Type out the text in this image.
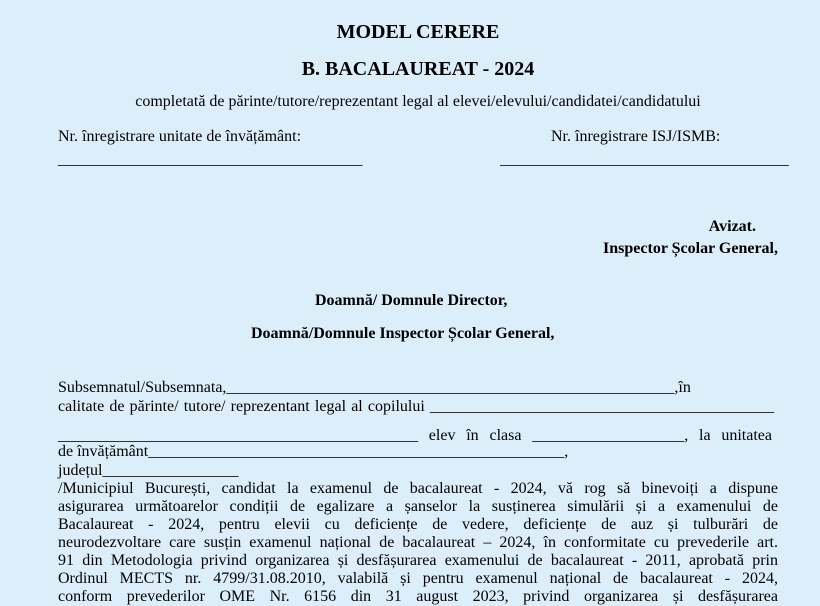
MODEL CERERE
B. BACALAUREAT - 2024
completată de părinte/tutore/reprezentant legal al elevei/elevului/candidatei/candidatului
Nr. înregistrare unitate de învățământ:	Nr. înregistrare ISJ/ISMB:
_______________________________________	_____________________________________
Avizat.
Inspector Școlar General,
Doamnă/ Domnule Director,
Doamnă/Domnule Inspector Școlar General,
Subsemnatul/Subsemnata,________________________________________________________,în
calitate de părinte/ tutore/ reprezentant legal al copilului ___________________________________________
_____________________________________________ elev în clasa ___________________, la unitatea
de învățământ____________________________________________________,
județul_________________
/Municipiul București, candidat la examenul de bacalaureat - 2024, vă rog să binevoiți a dispune
asigurarea următoarelor condiții de egalizare a șanselor la susținerea simulării și a examenului de
Bacalaureat - 2024, pentru elevii cu deficiențe de vedere, deficiențe de auz și tulburări de
neurodezvoltare care susțin examenul național de bacalaureat – 2024, în conformitate cu prevederile art.
91 din Metodologia privind organizarea și desfășurarea examenului de bacalaureat - 2011, aprobată prin
Ordinul MECTS nr. 4799/31.08.2010, valabilă și pentru examenul național de bacalaureat - 2024,
conform prevederilor OME Nr. 6156 din 31 august 2023, privind organizarea și desfășurarea
